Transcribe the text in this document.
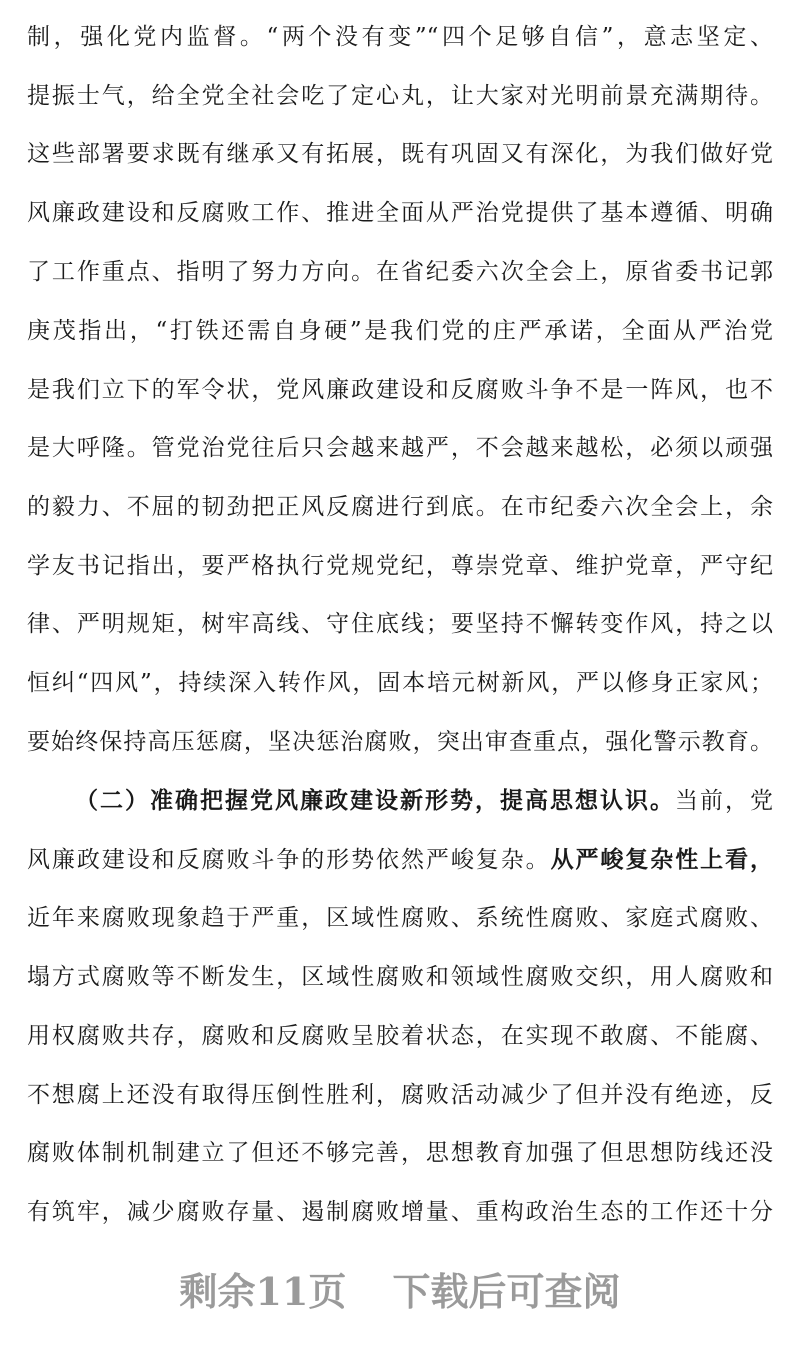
制，强化党内监督。“两个没有变”“四个足够自信”，意志坚定、
提振士气，给全党全社会吃了定心丸，让大家对光明前景充满期待。
这些部署要求既有继承又有拓展，既有巩固又有深化，为我们做好党
风廉政建设和反腐败工作、推进全面从严治党提供了基本遵循、明确
了工作重点、指明了努力方向。在省纪委六次全会上，原省委书记郭
庚茂指出，“打铁还需自身硬”是我们党的庄严承诺，全面从严治党
是我们立下的军令状，党风廉政建设和反腐败斗争不是一阵风，也不
是大呼隆。管党治党往后只会越来越严，不会越来越松，必须以顽强
的毅力、不屈的韧劲把正风反腐进行到底。在市纪委六次全会上，余
学友书记指出，要严格执行党规党纪，尊崇党章、维护党章，严守纪
律、严明规矩，树牢高线、守住底线；要坚持不懈转变作风，持之以
恒纠“四风”，持续深入转作风，固本培元树新风，严以修身正家风；
要始终保持高压惩腐，坚决惩治腐败，突出审查重点，强化警示教育。
（二）准确把握党风廉政建设新形势，提高思想认识。当前，党
风廉政建设和反腐败斗争的形势依然严峻复杂。从严峻复杂性上看，
近年来腐败现象趋于严重，区域性腐败、系统性腐败、家庭式腐败、
塌方式腐败等不断发生，区域性腐败和领域性腐败交织，用人腐败和
用权腐败共存，腐败和反腐败呈胶着状态，在实现不敢腐、不能腐、
不想腐上还没有取得压倒性胜利，腐败活动减少了但并没有绝迹，反
腐败体制机制建立了但还不够完善，思想教育加强了但思想防线还没
有筑牢，减少腐败存量、遏制腐败增量、重构政治生态的工作还十分
剩余11页 下载后可查阅
